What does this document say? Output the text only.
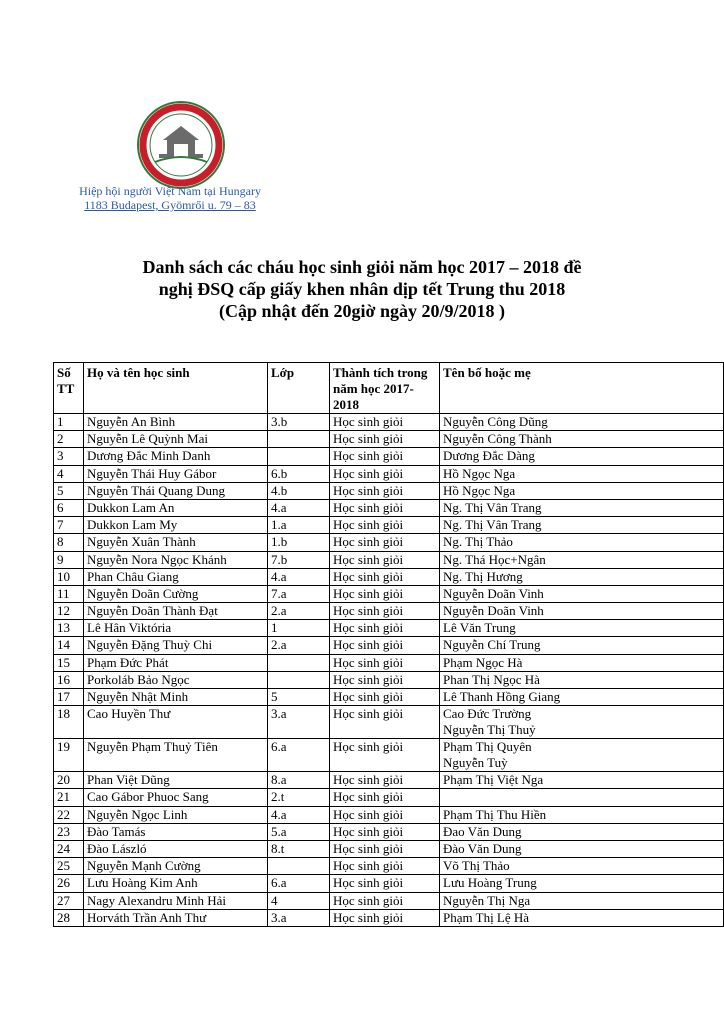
Hiệp hội người Việt Nam tại Hungary
1183 Budapest, Gyömrői u. 79 – 83
Danh sách các cháu học sinh giỏi năm học 2017 – 2018 đề
nghị ĐSQ cấp giấy khen nhân dịp tết Trung thu 2018
(Cập nhật đến 20giờ ngày 20/9/2018 )
Số TT	Họ và tên học sinh	Lớp	Thành tích trong năm học 2017-2018	Tên bố hoặc mẹ

1	Nguyễn An Bình	3.b	Học sinh giỏi	Nguyễn Công Dũng

2	Nguyễn Lê Quỳnh Mai		Học sinh giỏi	Nguyễn Công Thành

3	Dương Đắc Minh Danh		Học sinh giỏi	Dương Đắc Dàng

4	Nguyễn Thái Huy Gábor	6.b	Học sinh giỏi	Hồ Ngọc Nga

5	Nguyễn Thái Quang Dung	4.b	Học sinh giỏi	Hồ Ngọc Nga

6	Dukkon Lam An	4.a	Học sinh giỏi	Ng. Thị Vân Trang

7	Dukkon Lam My	1.a	Học sinh giỏi	Ng. Thị Vân Trang

8	Nguyễn Xuân Thành	1.b	Học sinh giỏi	Ng. Thị Thảo

9	Nguyễn Nora Ngọc Khánh	7.b	Học sinh giỏi	Ng. Thá Học+Ngân

10	Phan Châu Giang	4.a	Học sinh giỏi	Ng. Thị Hương

11	Nguyễn Doãn Cường	7.a	Học sinh giỏi	Nguyễn Doãn Vinh

12	Nguyễn Doãn Thành Đạt	2.a	Học sinh giỏi	Nguyễn Doãn Vinh

13	Lê Hân Viktória	1	Học sinh giỏi	Lê Văn Trung

14	Nguyễn Đặng Thuỳ Chi	2.a	Học sinh giỏi	Nguyễn Chí Trung

15	Phạm Đức Phát		Học sinh giỏi	Phạm Ngọc Hà

16	Porkoláb Bảo Ngọc		Học sinh giỏi	Phan Thị Ngọc Hà

17	Nguyễn Nhật Minh	5	Học sinh giỏi	Lê Thanh Hồng Giang

18	Cao Huyền Thư	3.a	Học sinh giỏi	Cao Đức Trường
Nguyễn Thị Thuỷ

19	Nguyễn Phạm Thuỷ Tiên	6.a	Học sinh giỏi	Phạm Thị Quyên
Nguyễn Tuỳ

20	Phan Việt Dũng	8.a	Học sinh giỏi	Phạm Thị Việt Nga

21	Cao Gábor Phuoc Sang	2.t	Học sinh giỏi	

22	Nguyễn Ngọc Linh	4.a	Học sinh giỏi	Phạm Thị Thu Hiền

23	Đào Tamás	5.a	Học sinh giỏi	Đao Văn Dung

24	Đào László	8.t	Học sinh giỏi	Đào Văn Dung

25	Nguyễn Mạnh Cường		Học sinh giỏi	Võ Thị Thảo

26	Lưu Hoàng Kim Anh	6.a	Học sinh giỏi	Lưu Hoàng Trung

27	Nagy Alexandru Minh Hải	4	Học sinh giỏi	Nguyễn Thị Nga

28	Horváth Trần Anh Thư	3.a	Học sinh giỏi	Phạm Thị Lệ Hà
